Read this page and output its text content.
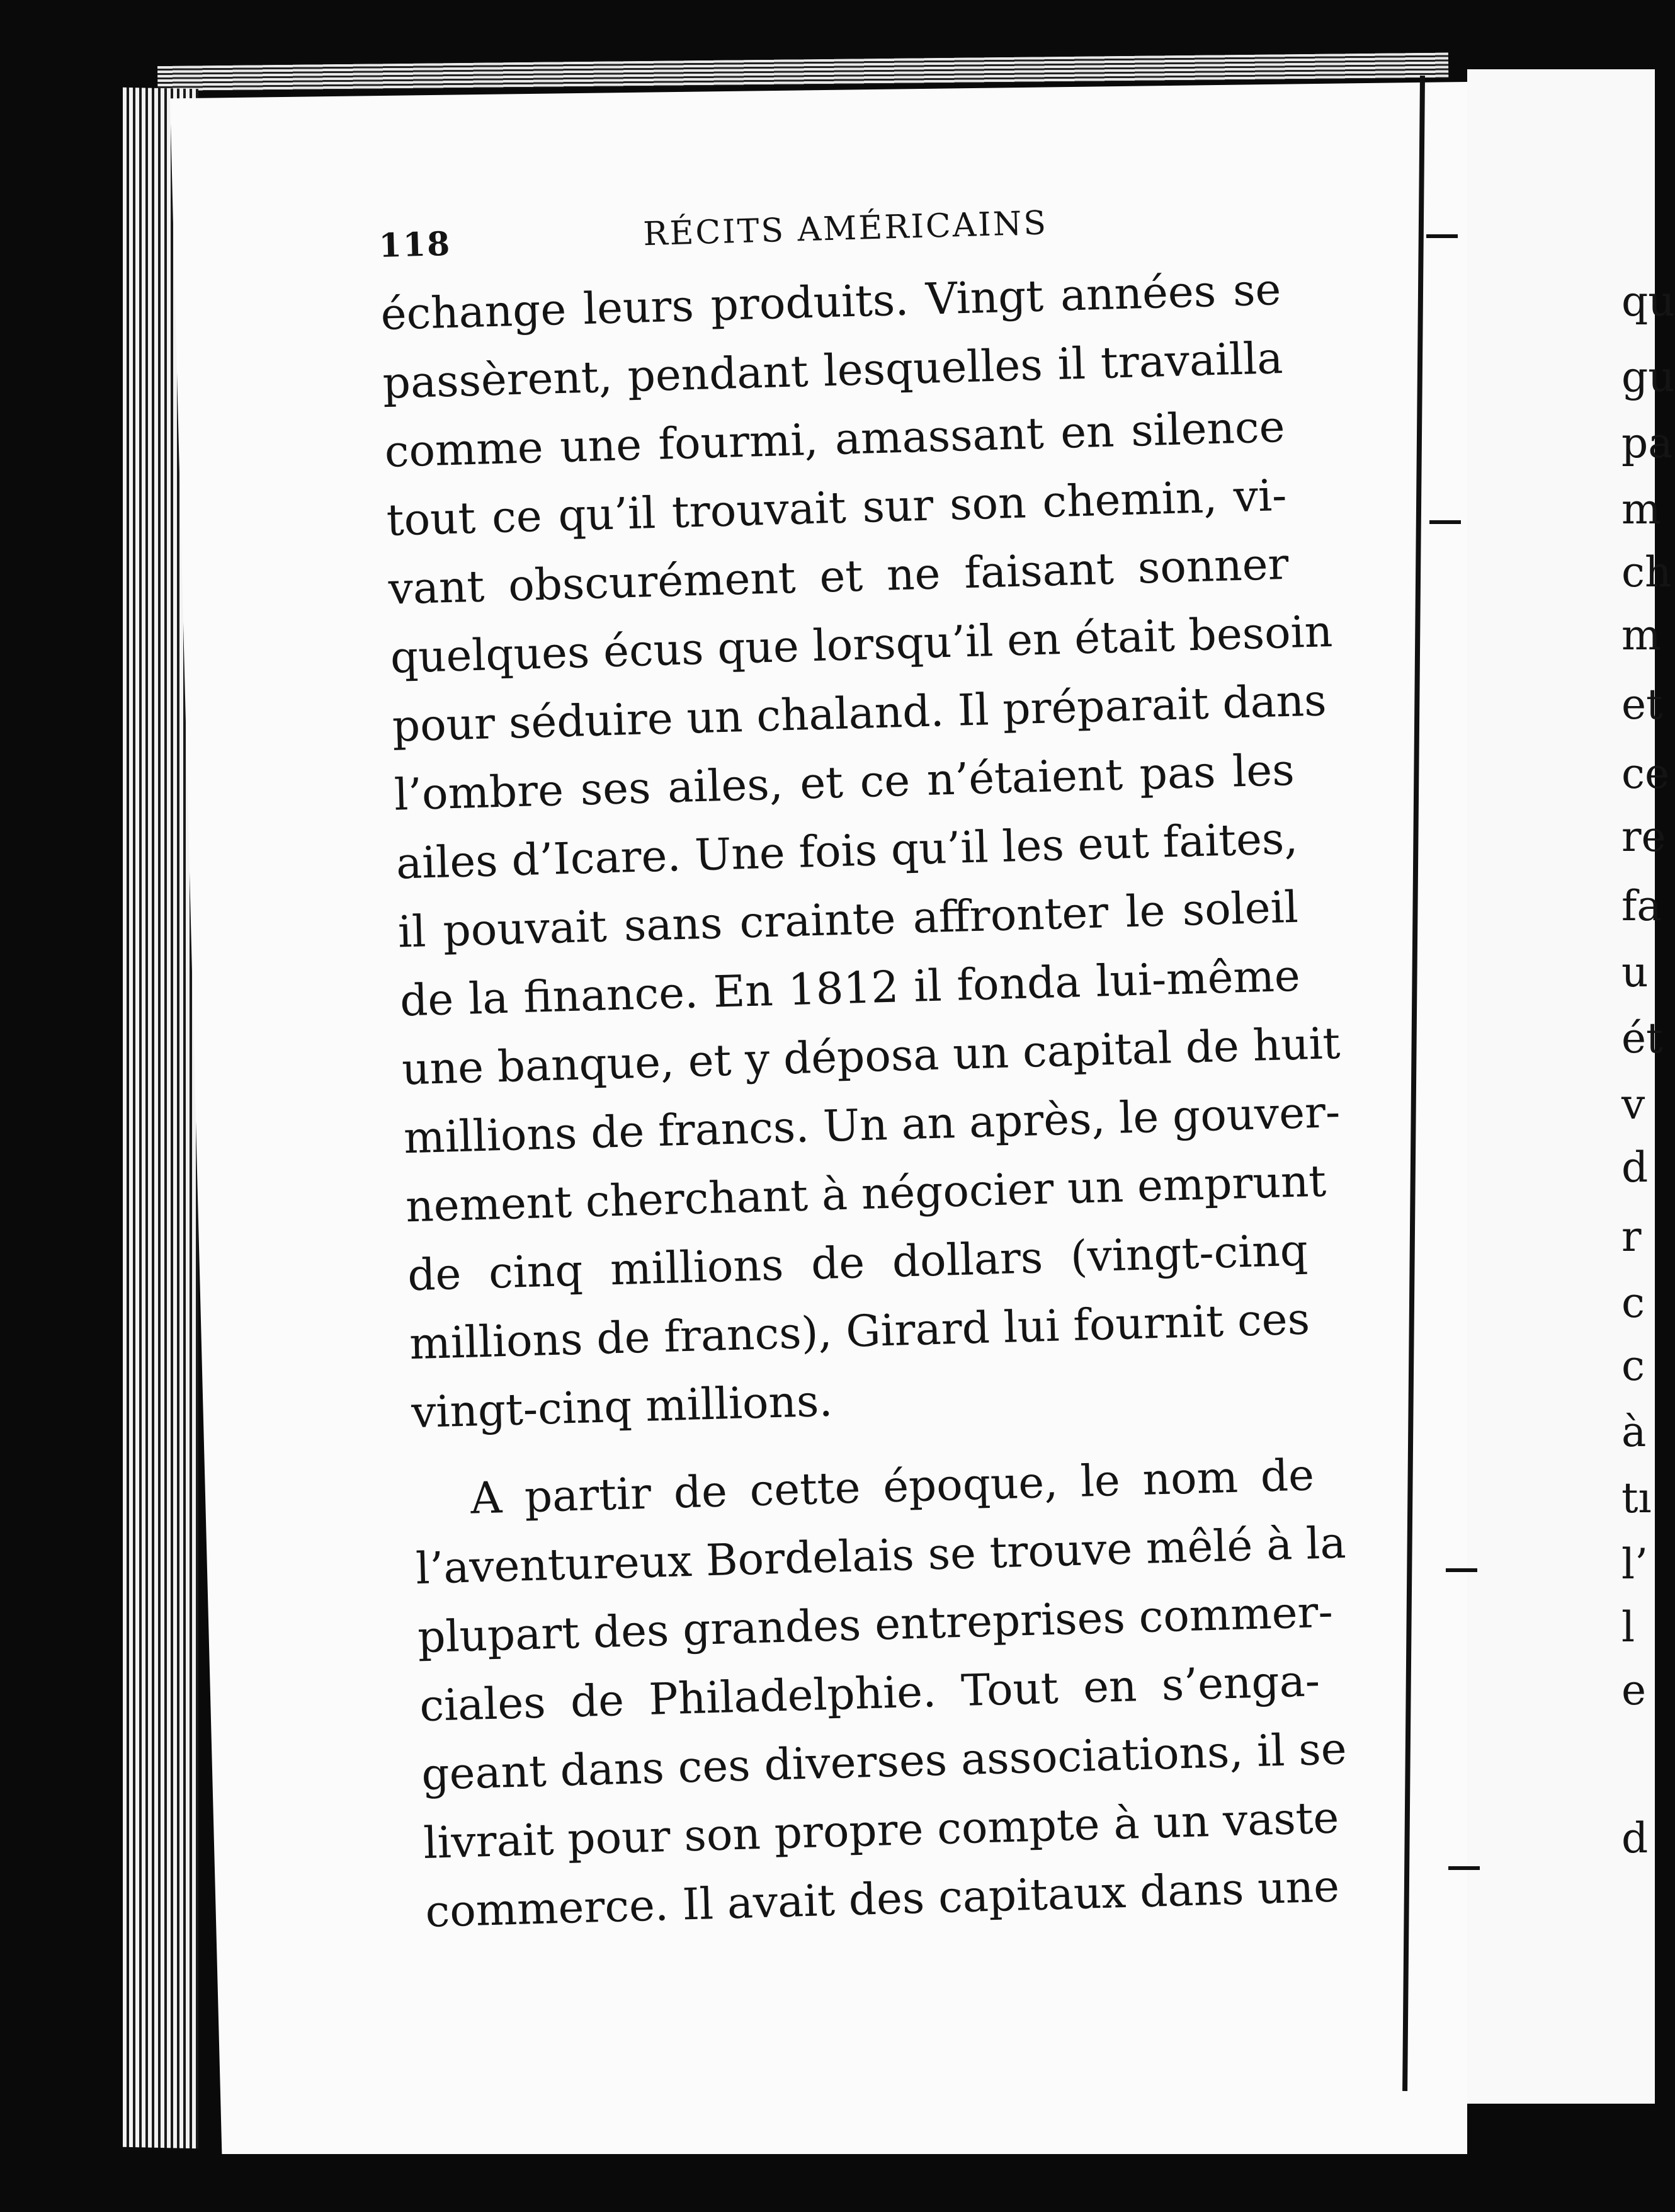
118	RÉCITS AMÉRICAINS
échange leurs produits. Vingt années se
passèrent, pendant lesquelles il travailla
comme une fourmi, amassant en silence
tout ce qu’il trouvait sur son chemin, vi-
vant obscurément et ne faisant sonner
quelques écus que lorsqu’il en était besoin
pour séduire un chaland. Il préparait dans
l’ombre ses ailes, et ce n’étaient pas les
ailes d’Icare. Une fois qu’il les eut faites,
il pouvait sans crainte affronter le soleil
de la finance. En 1812 il fonda lui-même
une banque, et y déposa un capital de huit
millions de francs. Un an après, le gouver-
nement cherchant à négocier un emprunt
de cinq millions de dollars (vingt-cinq
millions de francs), Girard lui fournit ces
vingt-cinq millions.
A partir de cette époque, le nom de
l’aventureux Bordelais se trouve mêlé à la
plupart des grandes entreprises commer-
ciales de Philadelphie. Tout en s’enga-
geant dans ces diverses associations, il se
livrait pour son propre compte à un vaste
commerce. Il avait des capitaux dans une
qu
gu
pa
m
ch
m
et
ce
re
fa
u
ét
v
d
r
c
c
à
tı
l’
l
e
d
